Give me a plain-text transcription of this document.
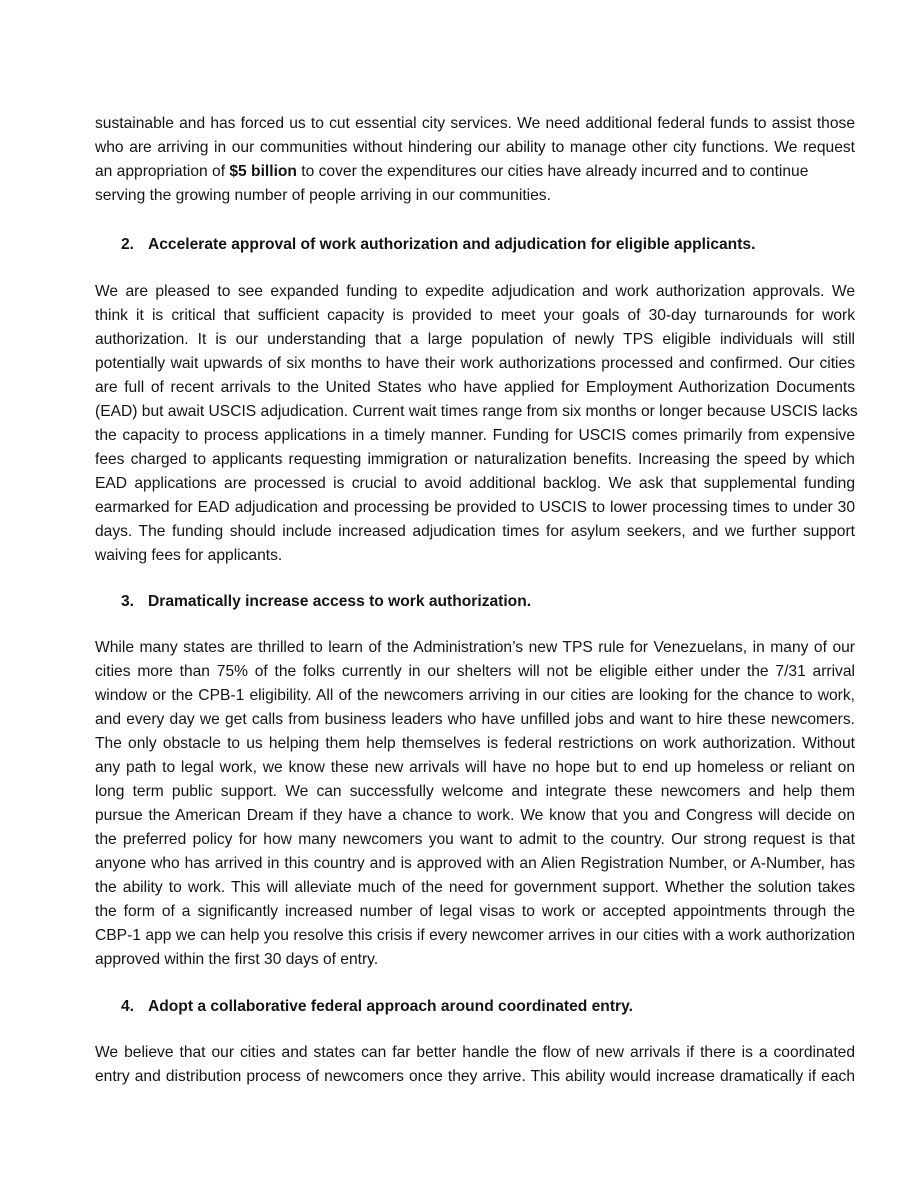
sustainable and has forced us to cut essential city services. We need additional federal funds to assist those
who are arriving in our communities without hindering our ability to manage other city functions. We request
an appropriation of $5 billion to cover the expenditures our cities have already incurred and to continue
serving the growing number of people arriving in our communities.

2. Accelerate approval of work authorization and adjudication for eligible applicants.

We are pleased to see expanded funding to expedite adjudication and work authorization approvals. We
think it is critical that sufficient capacity is provided to meet your goals of 30-day turnarounds for work
authorization. It is our understanding that a large population of newly TPS eligible individuals will still
potentially wait upwards of six months to have their work authorizations processed and confirmed. Our cities
are full of recent arrivals to the United States who have applied for Employment Authorization Documents
(EAD) but await USCIS adjudication. Current wait times range from six months or longer because USCIS lacks
the capacity to process applications in a timely manner. Funding for USCIS comes primarily from expensive
fees charged to applicants requesting immigration or naturalization benefits. Increasing the speed by which
EAD applications are processed is crucial to avoid additional backlog. We ask that supplemental funding
earmarked for EAD adjudication and processing be provided to USCIS to lower processing times to under 30
days. The funding should include increased adjudication times for asylum seekers, and we further support
waiving fees for applicants.

3. Dramatically increase access to work authorization.

While many states are thrilled to learn of the Administration’s new TPS rule for Venezuelans, in many of our
cities more than 75% of the folks currently in our shelters will not be eligible either under the 7/31 arrival
window or the CPB-1 eligibility. All of the newcomers arriving in our cities are looking for the chance to work,
and every day we get calls from business leaders who have unfilled jobs and want to hire these newcomers.
The only obstacle to us helping them help themselves is federal restrictions on work authorization. Without
any path to legal work, we know these new arrivals will have no hope but to end up homeless or reliant on
long term public support. We can successfully welcome and integrate these newcomers and help them
pursue the American Dream if they have a chance to work. We know that you and Congress will decide on
the preferred policy for how many newcomers you want to admit to the country. Our strong request is that
anyone who has arrived in this country and is approved with an Alien Registration Number, or A-Number, has
the ability to work. This will alleviate much of the need for government support. Whether the solution takes
the form of a significantly increased number of legal visas to work or accepted appointments through the
CBP-1 app we can help you resolve this crisis if every newcomer arrives in our cities with a work authorization
approved within the first 30 days of entry.

4. Adopt a collaborative federal approach around coordinated entry.

We believe that our cities and states can far better handle the flow of new arrivals if there is a coordinated
entry and distribution process of newcomers once they arrive. This ability would increase dramatically if each
